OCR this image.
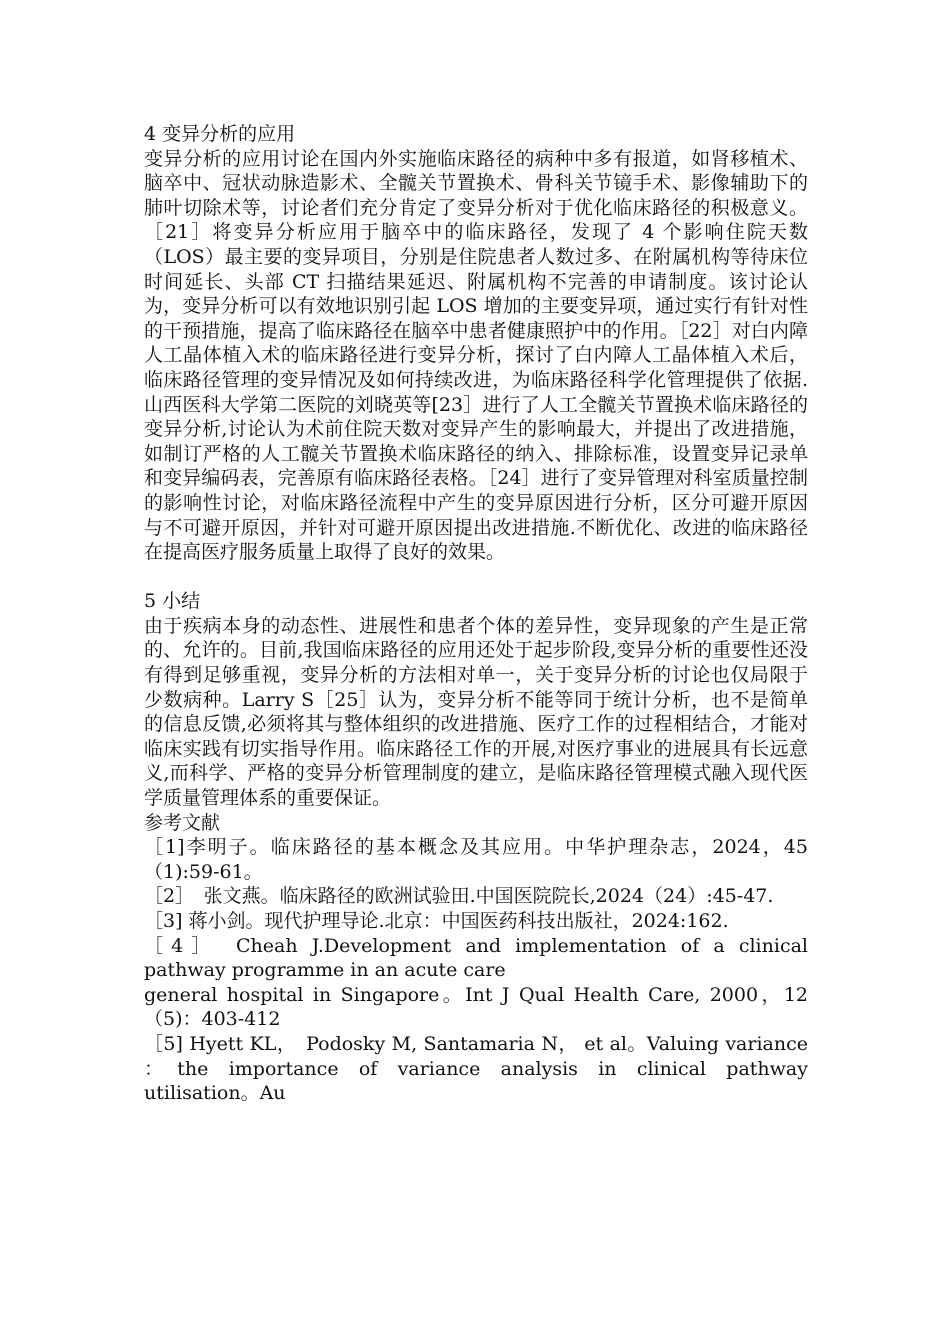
4 变异分析的应用

变异分析的应用讨论在国内外实施临床路径的病种中多有报道，如肾移植术、脑卒中、冠状动脉造影术、全髋关节置换术、骨科关节镜手术、影像辅助下的肺叶切除术等，讨论者们充分肯定了变异分析对于优化临床路径的积极意义。［21］将变异分析应用于脑卒中的临床路径，发现了 4 个影响住院天数（LOS）最主要的变异项目，分别是住院患者人数过多、在附属机构等待床位时间延长、头部 CT 扫描结果延迟、附属机构不完善的申请制度。该讨论认为，变异分析可以有效地识别引起 LOS 增加的主要变异项，通过实行有针对性的干预措施，提高了临床路径在脑卒中患者健康照护中的作用。［22］对白内障人工晶体植入术的临床路径进行变异分析，探讨了白内障人工晶体植入术后，临床路径管理的变异情况及如何持续改进，为临床路径科学化管理提供了依据.山西医科大学第二医院的刘晓英等[23］进行了人工全髋关节置换术临床路径的变异分析,讨论认为术前住院天数对变异产生的影响最大，并提出了改进措施，如制订严格的人工髋关节置换术临床路径的纳入、排除标准，设置变异记录单和变异编码表，完善原有临床路径表格。［24］进行了变异管理对科室质量控制的影响性讨论，对临床路径流程中产生的变异原因进行分析，区分可避开原因与不可避开原因，并针对可避开原因提出改进措施.不断优化、改进的临床路径在提高医疗服务质量上取得了良好的效果。

5 小结

由于疾病本身的动态性、进展性和患者个体的差异性，变异现象的产生是正常的、允许的。目前,我国临床路径的应用还处于起步阶段,变异分析的重要性还没有得到足够重视，变异分析的方法相对单一，关于变异分析的讨论也仅局限于少数病种。Larry S［25］认为，变异分析不能等同于统计分析，也不是简单的信息反馈,必须将其与整体组织的改进措施、医疗工作的过程相结合，才能对临床实践有切实指导作用。临床路径工作的开展,对医疗事业的进展具有长远意义,而科学、严格的变异分析管理制度的建立，是临床路径管理模式融入现代医学质量管理体系的重要保证。

参考文献
［1]李明子。临床路径的基本概念及其应用。中华护理杂志，2024，45（1):59-61。
［2］　张文燕。临床路径的欧洲试验田.中国医院院长,2024（24）:45-47.
［3] 蒋小剑。现代护理导论.北京：中国医药科技出版社，2024:162.
［4］　Cheah J.Development and implementation of a clinical pathway programme in an acute care
general hospital in Singapore。Int J Qual Health Care, 2000，12（5)：403-412
［5] Hyett KL，　Podosky M, Santamaria N， et al。Valuing variance ：the importance of variance analysis in clinical pathway utilisation。Au
